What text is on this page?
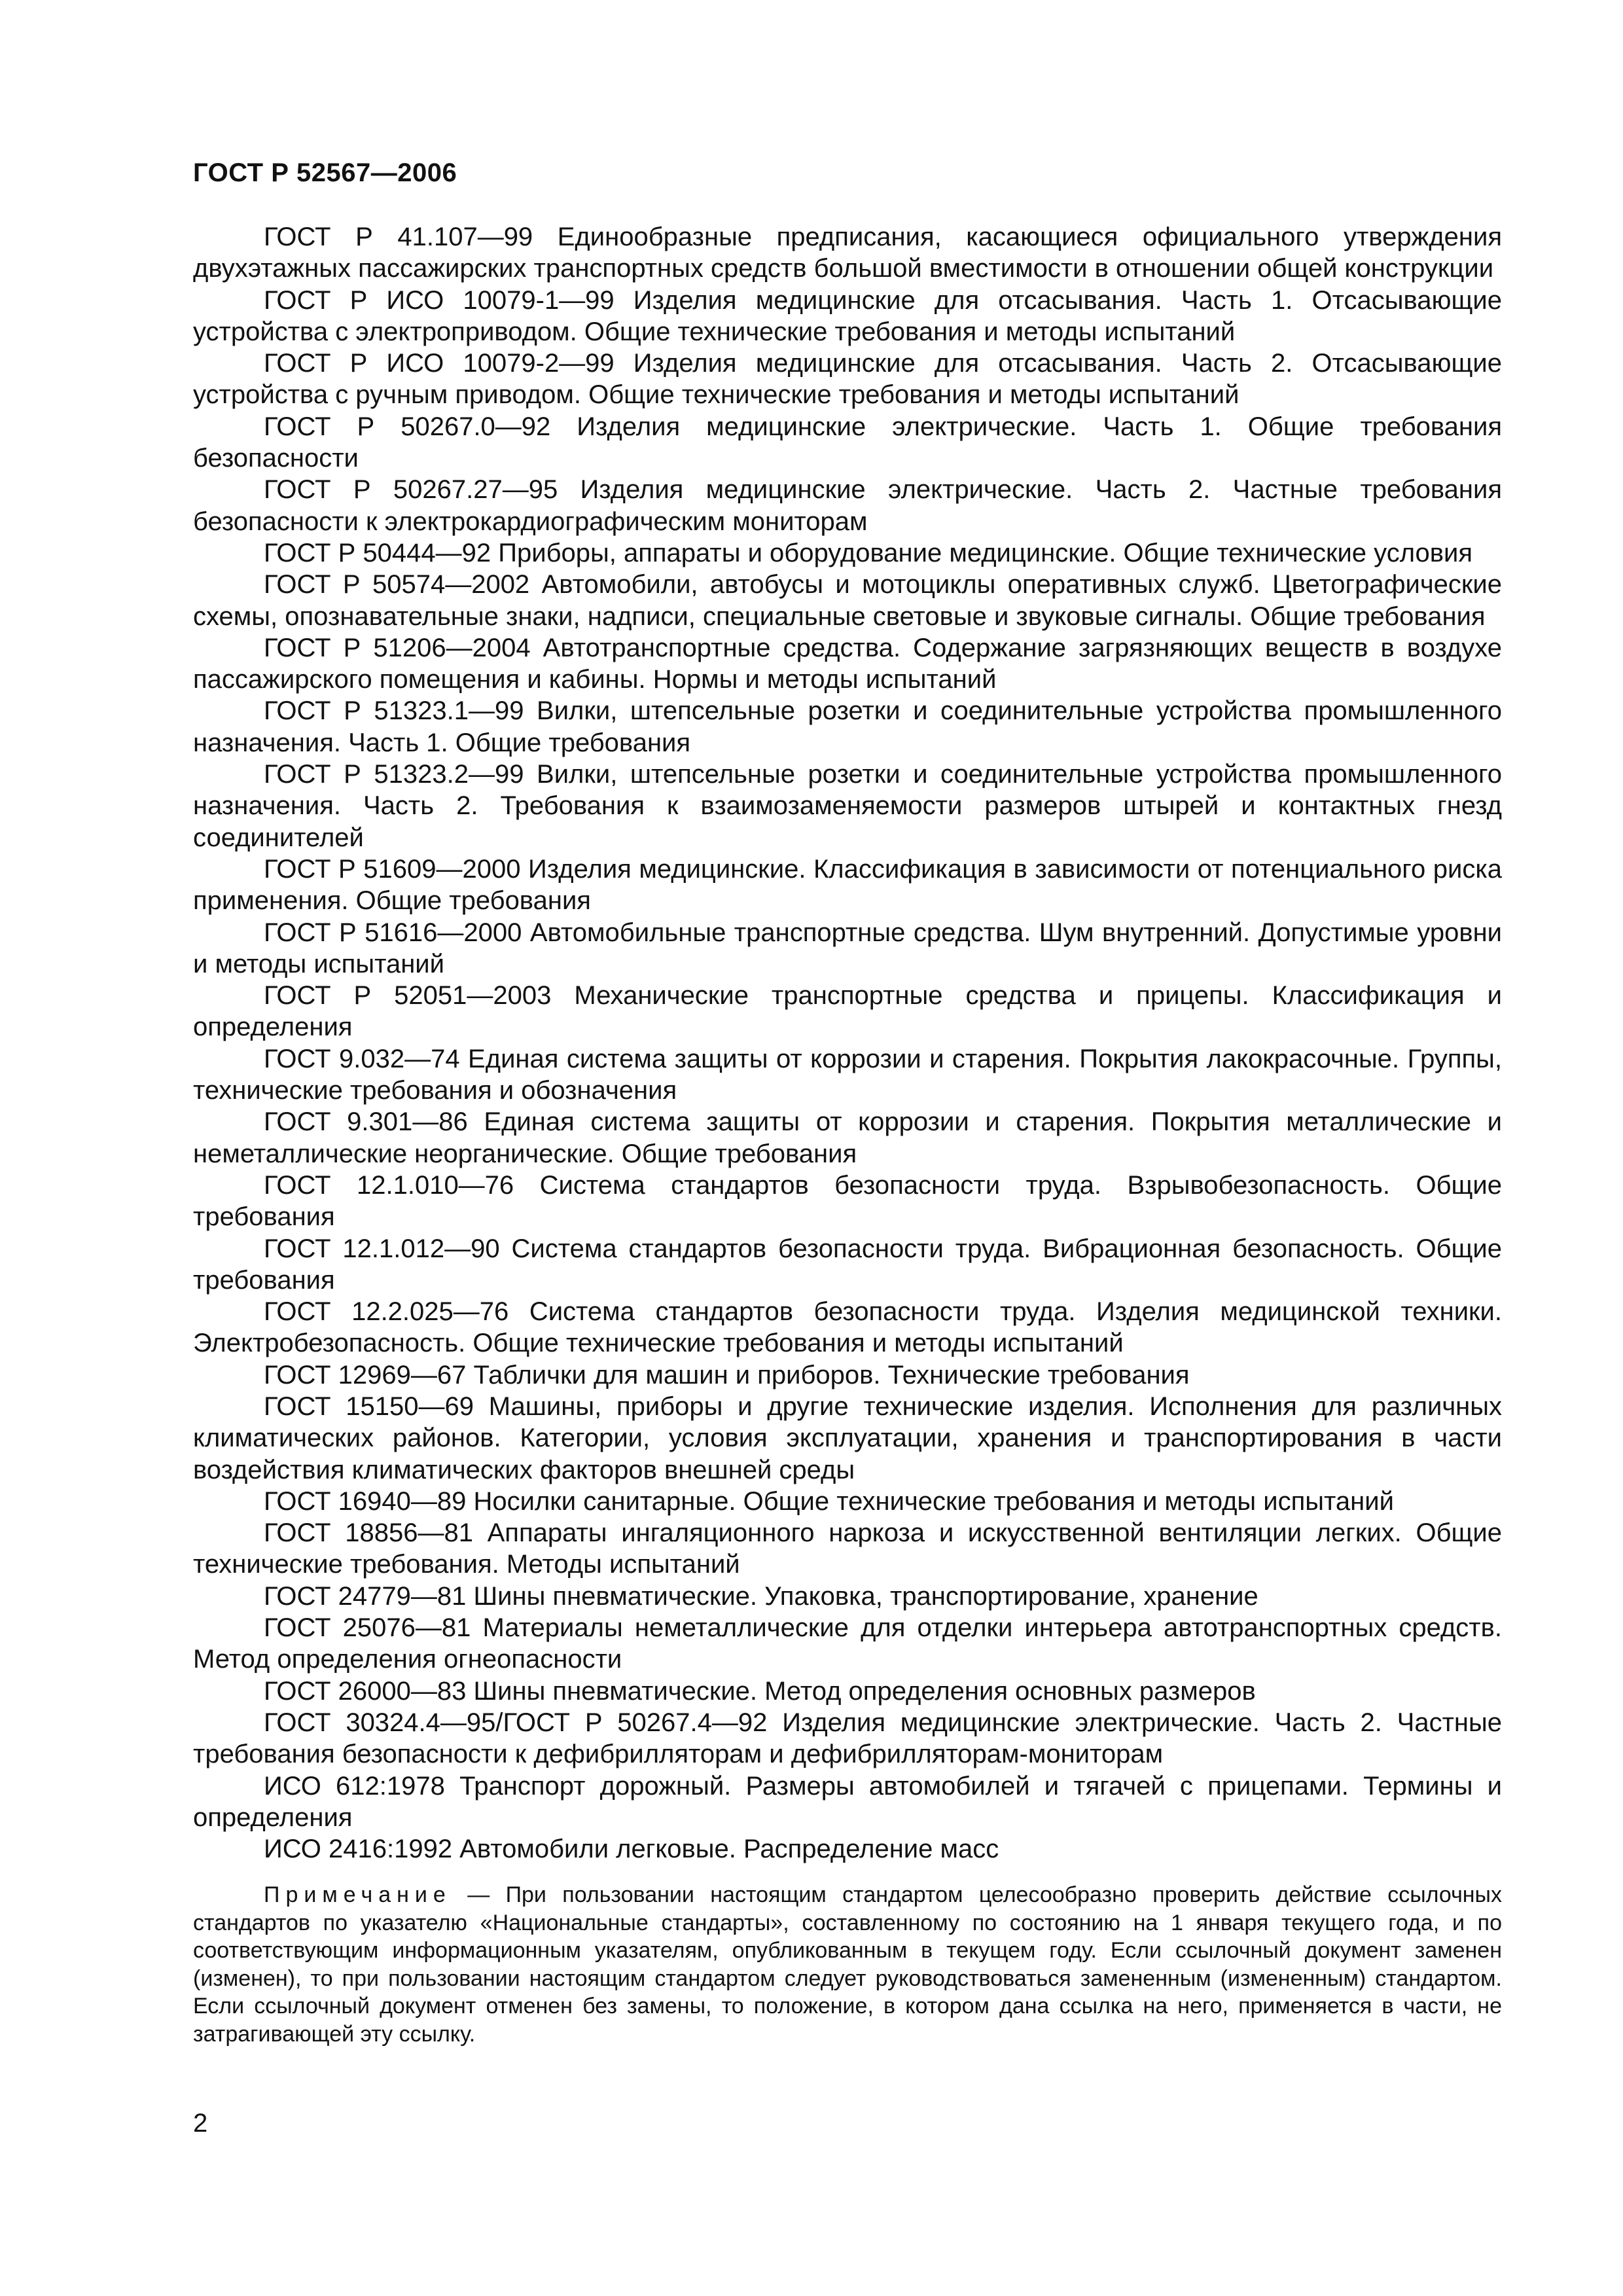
ГОСТ Р 52567—2006

ГОСТ Р 41.107—99 Единообразные предписания, касающиеся официального утверждения двухэтажных пассажирских транспортных средств большой вместимости в отношении общей конструкции

ГОСТ Р ИСО 10079-1—99 Изделия медицинские для отсасывания. Часть 1. Отсасывающие устройства с электроприводом. Общие технические требования и методы испытаний

ГОСТ Р ИСО 10079-2—99 Изделия медицинские для отсасывания. Часть 2. Отсасывающие устройства с ручным приводом. Общие технические требования и методы испытаний

ГОСТ Р 50267.0—92 Изделия медицинские электрические. Часть 1. Общие требования безопасности

ГОСТ Р 50267.27—95 Изделия медицинские электрические. Часть 2. Частные требования безопасности к электрокардиографическим мониторам

ГОСТ Р 50444—92 Приборы, аппараты и оборудование медицинские. Общие технические условия

ГОСТ Р 50574—2002 Автомобили, автобусы и мотоциклы оперативных служб. Цветографические схемы, опознавательные знаки, надписи, специальные световые и звуковые сигналы. Общие требования

ГОСТ Р 51206—2004 Автотранспортные средства. Содержание загрязняющих веществ в воздухе пассажирского помещения и кабины. Нормы и методы испытаний

ГОСТ Р 51323.1—99 Вилки, штепсельные розетки и соединительные устройства промышленного назначения. Часть 1. Общие требования

ГОСТ Р 51323.2—99 Вилки, штепсельные розетки и соединительные устройства промышленного назначения. Часть 2. Требования к взаимозаменяемости размеров штырей и контактных гнезд соединителей

ГОСТ Р 51609—2000 Изделия медицинские. Классификация в зависимости от потенциального риска применения. Общие требования

ГОСТ Р 51616—2000 Автомобильные транспортные средства. Шум внутренний. Допустимые уровни и методы испытаний

ГОСТ Р 52051—2003 Механические транспортные средства и прицепы. Классификация и определения

ГОСТ 9.032—74 Единая система защиты от коррозии и старения. Покрытия лакокрасочные. Группы, технические требования и обозначения

ГОСТ 9.301—86 Единая система защиты от коррозии и старения. Покрытия металлические и неметаллические неорганические. Общие требования

ГОСТ 12.1.010—76 Система стандартов безопасности труда. Взрывобезопасность. Общие требования

ГОСТ 12.1.012—90 Система стандартов безопасности труда. Вибрационная безопасность. Общие требования

ГОСТ 12.2.025—76 Система стандартов безопасности труда. Изделия медицинской техники. Электробезопасность. Общие технические требования и методы испытаний

ГОСТ 12969—67 Таблички для машин и приборов. Технические требования

ГОСТ 15150—69 Машины, приборы и другие технические изделия. Исполнения для различных климатических районов. Категории, условия эксплуатации, хранения и транспортирования в части воздействия климатических факторов внешней среды

ГОСТ 16940—89 Носилки санитарные. Общие технические требования и методы испытаний

ГОСТ 18856—81 Аппараты ингаляционного наркоза и искусственной вентиляции легких. Общие технические требования. Методы испытаний

ГОСТ 24779—81 Шины пневматические. Упаковка, транспортирование, хранение

ГОСТ 25076—81 Материалы неметаллические для отделки интерьера автотранспортных средств. Метод определения огнеопасности

ГОСТ 26000—83 Шины пневматические. Метод определения основных размеров

ГОСТ 30324.4—95/ГОСТ Р 50267.4—92 Изделия медицинские электрические. Часть 2. Частные требования безопасности к дефибрилляторам и дефибрилляторам-мониторам

ИСО 612:1978 Транспорт дорожный. Размеры автомобилей и тягачей с прицепами. Термины и определения

ИСО 2416:1992 Автомобили легковые. Распределение масс

Примечание — При пользовании настоящим стандартом целесообразно проверить действие ссылочных стандартов по указателю «Национальные стандарты», составленному по состоянию на 1 января текущего года, и по соответствующим информационным указателям, опубликованным в текущем году. Если ссылочный документ заменен (изменен), то при пользовании настоящим стандартом следует руководствоваться замененным (измененным) стандартом. Если ссылочный документ отменен без замены, то положение, в котором дана ссылка на него, применяется в части, не затрагивающей эту ссылку.
2
